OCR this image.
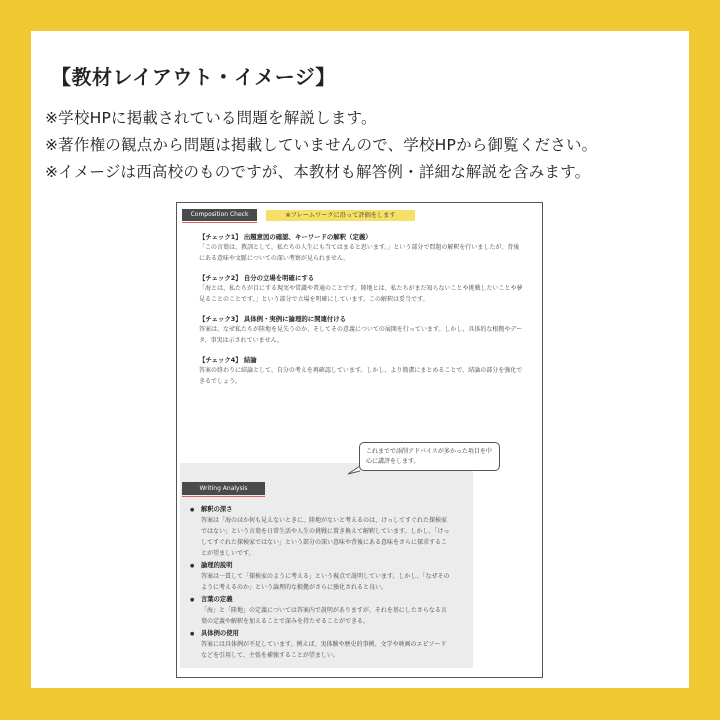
【教材レイアウト・イメージ】
※学校HPに掲載されている問題を解説します。
※著作権の観点から問題は掲載していませんので、学校HPから御覧ください。
※イメージは西高校のものですが、本教材も解答例・詳細な解説を含みます。
Composition Check	※フレームワークに沿って評価をします
【チェック1】 出題意図の確認、キーワードの解釈（定義）
「この言葉は、教訓として、私たちの人生にも当てはまると思います。」という部分で問題の解釈を行いましたが、背後にある意味や文脈についての深い考察が見られません。
【チェック2】 自分の立場を明確にする
「海とは、私たちが目にする現実や常識や普通のことです。陸地とは、私たちがまだ知らないことや挑戦したいことや夢見ることのことです。」という部分で立場を明確にしています。この解釈は妥当です。
【チェック3】 具体例・実例に論理的に関連付ける
答案は、なぜ私たちが陸地を見失うのか、そしてその意義についての展開を行っています。しかし、具体的な根拠やデータ、事実は示されていません。
【チェック4】 結論
答案の終わりに結論として、自分の考えを再確認しています。しかし、より簡潔にまとめることで、結論の部分を強化できるでしょう。
Writing Analysis
● 解釈の深さ
答案は「海のほか何も見えないときに、陸地がないと考えるのは、けっしてすぐれた探検家ではない」という言葉を日常生活や人生の挑戦に置き換えて解釈しています。しかし、「けっしてすぐれた探検家ではない」という部分の深い意味や背後にある意味をさらに探求することが望ましいです。
● 論理的説明
答案は一貫して「探検家のように考える」という視点で説明しています。しかし、「なぜそのように考えるのか」という論理的な根拠がさらに強化されると良い。
● 言葉の定義
「海」と「陸地」の定義については答案内で説明がありますが、それを基にしたさらなる言葉の定義や解釈を加えることで深みを持たせることができる。
● 具体例の使用
答案には具体例が不足しています。例えば、実体験や歴史的事例、文学や映画のエピソードなどを引用して、主張を補強することが望ましい。
これまでで添削アドバイスが多かった項目を中心に講評をします。
